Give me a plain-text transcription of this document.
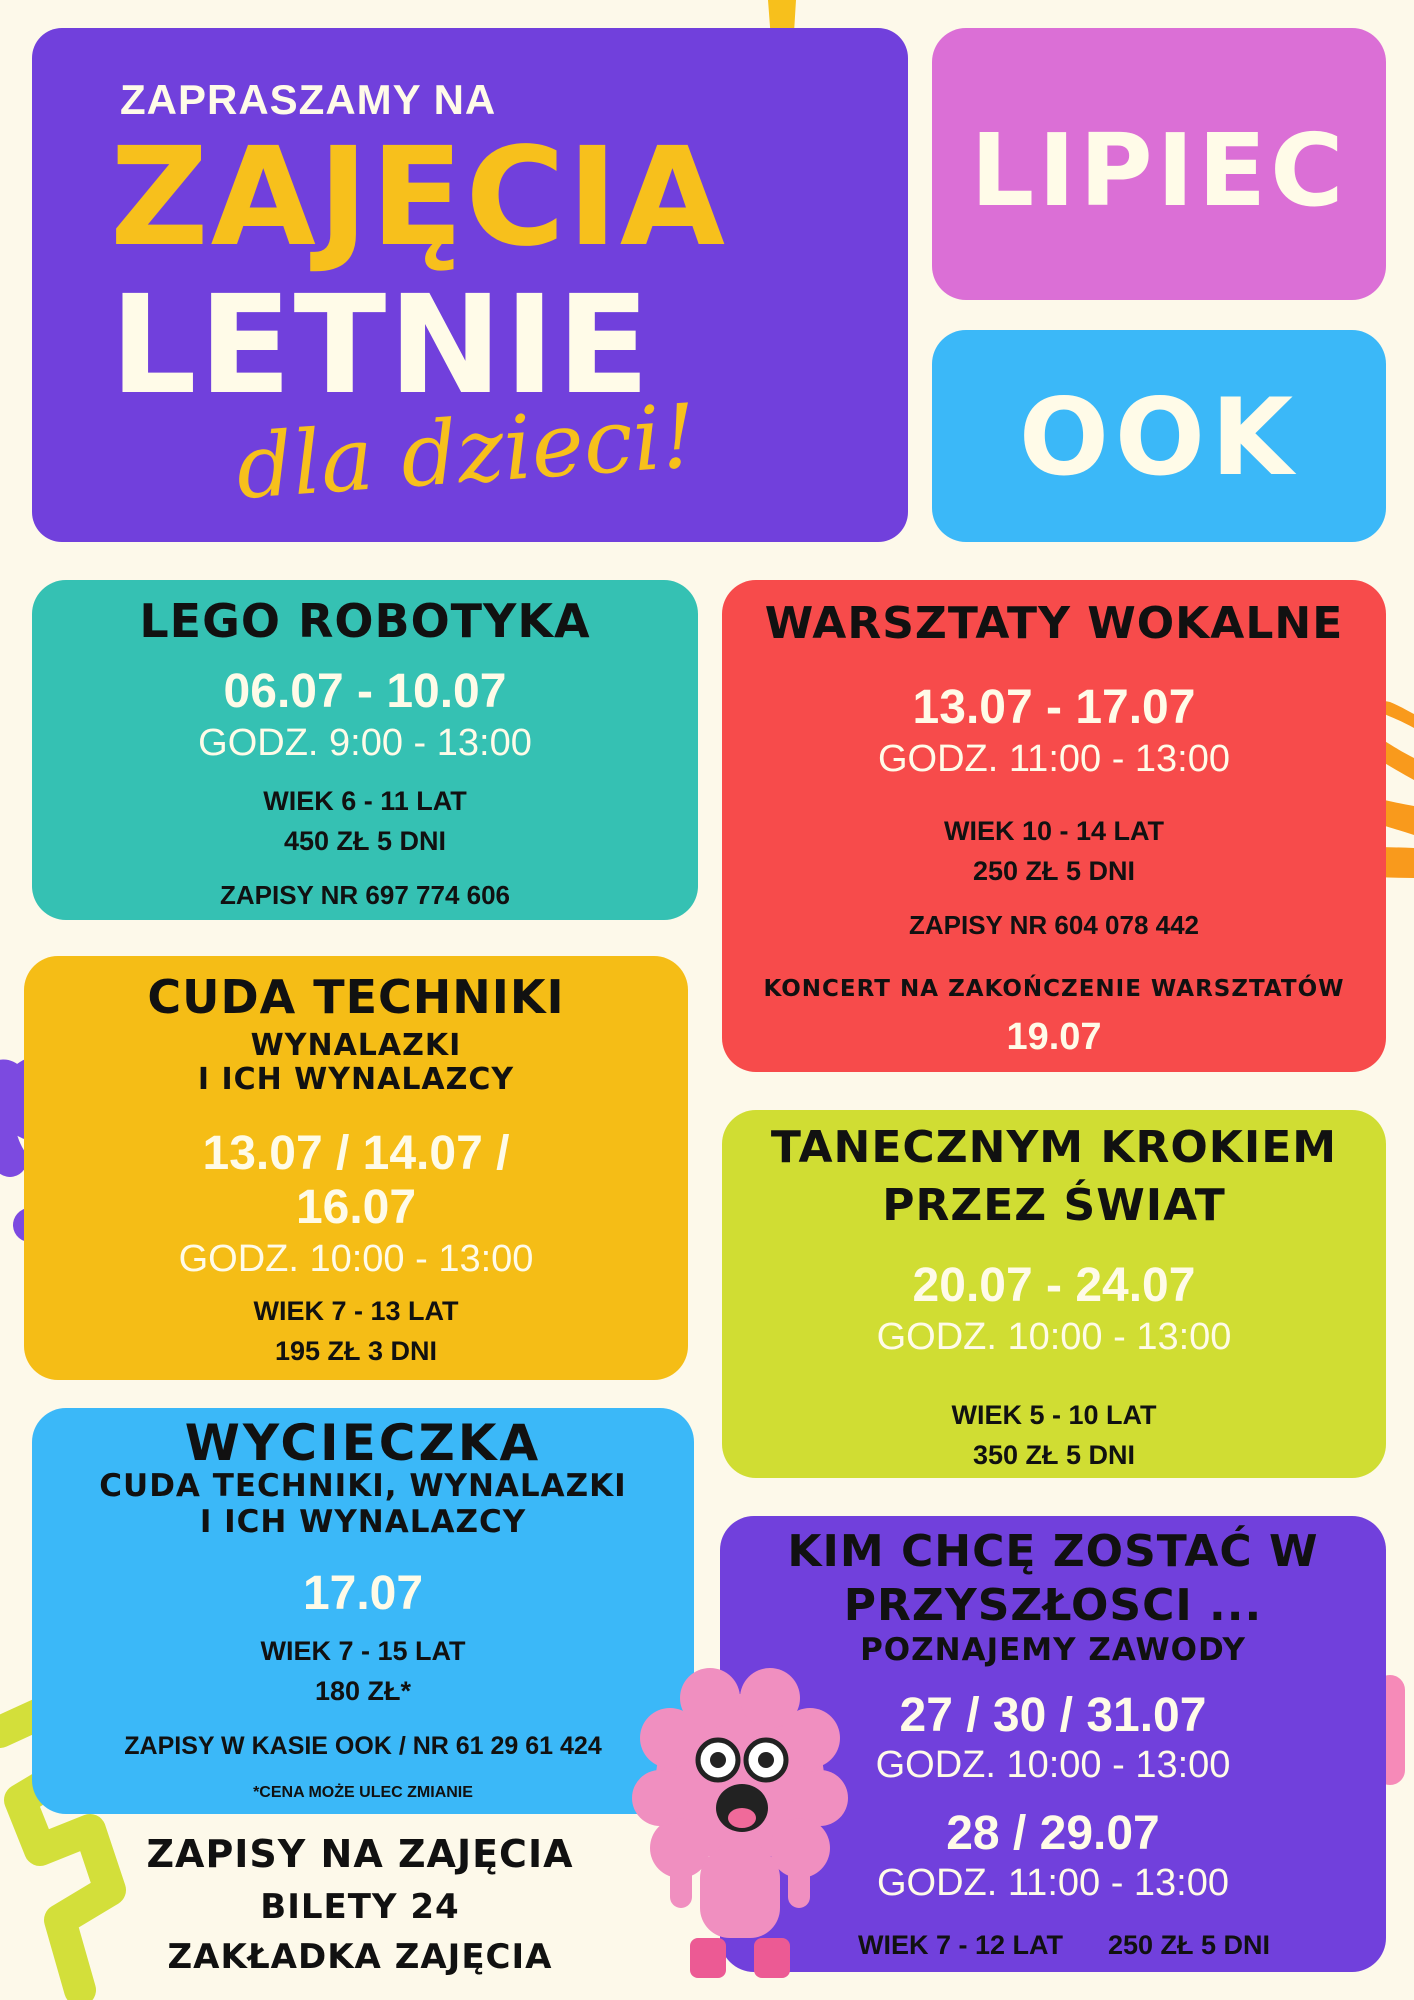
ZAPRASZAMY NA
ZAJĘCIA
LETNIE
dla dzieci!
LIPIEC
OOK
LEGO ROBOTYKA
06.07 - 10.07
GODZ. 9:00 - 13:00
WIEK 6 - 11 LAT
450 ZŁ 5 DNI
ZAPISY NR 697 774 606
WARSZTATY WOKALNE
13.07 - 17.07
GODZ. 11:00 - 13:00
WIEK 10 - 14 LAT
250 ZŁ 5 DNI
ZAPISY NR 604 078 442
KONCERT NA ZAKOŃCZENIE WARSZTATÓW
19.07
CUDA TECHNIKI
WYNALAZKI
I ICH WYNALAZCY
13.07 / 14.07 /
16.07
GODZ. 10:00 - 13:00
WIEK 7 - 13 LAT
195 ZŁ 3 DNI
TANECZNYM KROKIEM
PRZEZ ŚWIAT
20.07 - 24.07
GODZ. 10:00 - 13:00
WIEK 5 - 10 LAT
350 ZŁ 5 DNI
WYCIECZKA
CUDA TECHNIKI, WYNALAZKI
I ICH WYNALAZCY
17.07
WIEK 7 - 15 LAT
180 ZŁ*
ZAPISY W KASIE OOK / NR 61 29 61 424
*CENA MOŻE ULEC ZMIANIE
KIM CHCĘ ZOSTAĆ W
PRZYSZŁOSCI ...
POZNAJEMY ZAWODY
27 / 30 / 31.07
GODZ. 10:00 - 13:00
28 / 29.07
GODZ. 11:00 - 13:00
WIEK 7 - 12 LAT 250 ZŁ 5 DNI
ZAPISY NA ZAJĘCIA
BILETY 24
ZAKŁADKA ZAJĘCIA
